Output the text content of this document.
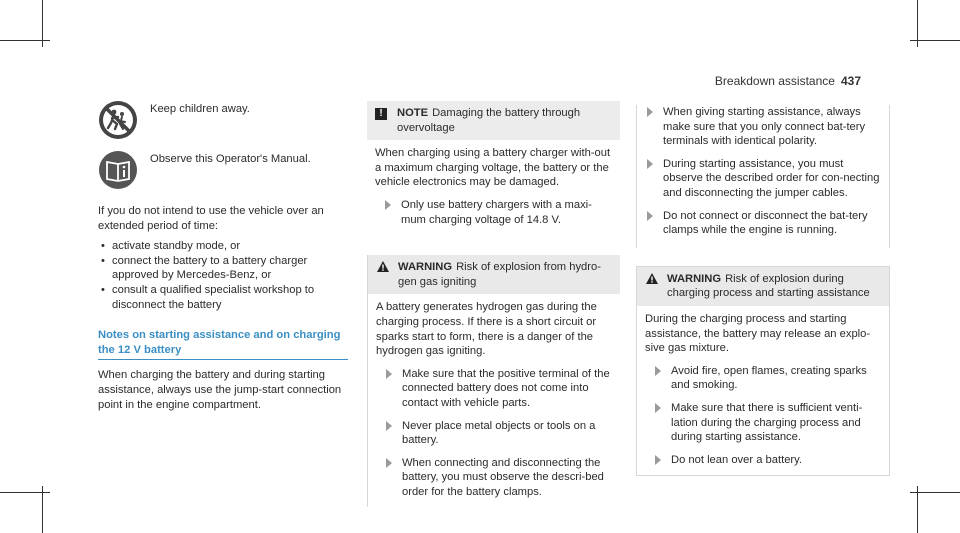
Breakdown assistance 437
Keep children away.
Observe this Operator's Manual.

If you do not intend to use the vehicle over an extended period of time:

• activate standby mode, or
• connect the battery to a battery charger approved by Mercedes-Benz, or
• consult a qualified specialist workshop to disconnect the battery
Notes on starting assistance and on charging the 12 V battery

When charging the battery and during starting assistance, always use the jump-start connection point in the engine compartment.

!	NOTE Damaging the battery through overvoltage

When charging using a battery charger with-out a maximum charging voltage, the battery or the vehicle electronics may be damaged.

Only use battery chargers with a maxi-mum charging voltage of 14.8 V.
WARNING Risk of explosion from hydro-gen gas igniting

A battery generates hydrogen gas during the charging process. If there is a short circuit or sparks start to form, there is a danger of the hydrogen gas igniting.

Make sure that the positive terminal of the connected battery does not come into contact with vehicle parts.
Never place metal objects or tools on a battery.
When connecting and disconnecting the battery, you must observe the descri-bed order for the battery clamps.
When giving starting assistance, always make sure that you only connect bat-tery terminals with identical polarity.
During starting assistance, you must observe the described order for con-necting and disconnecting the jumper cables.
Do not connect or disconnect the bat-tery clamps while the engine is running.
WARNING Risk of explosion during charging process and starting assistance

During the charging process and starting assistance, the battery may release an explo-sive gas mixture.

Avoid fire, open flames, creating sparks and smoking.
Make sure that there is sufficient venti-lation during the charging process and during starting assistance.
Do not lean over a battery.
